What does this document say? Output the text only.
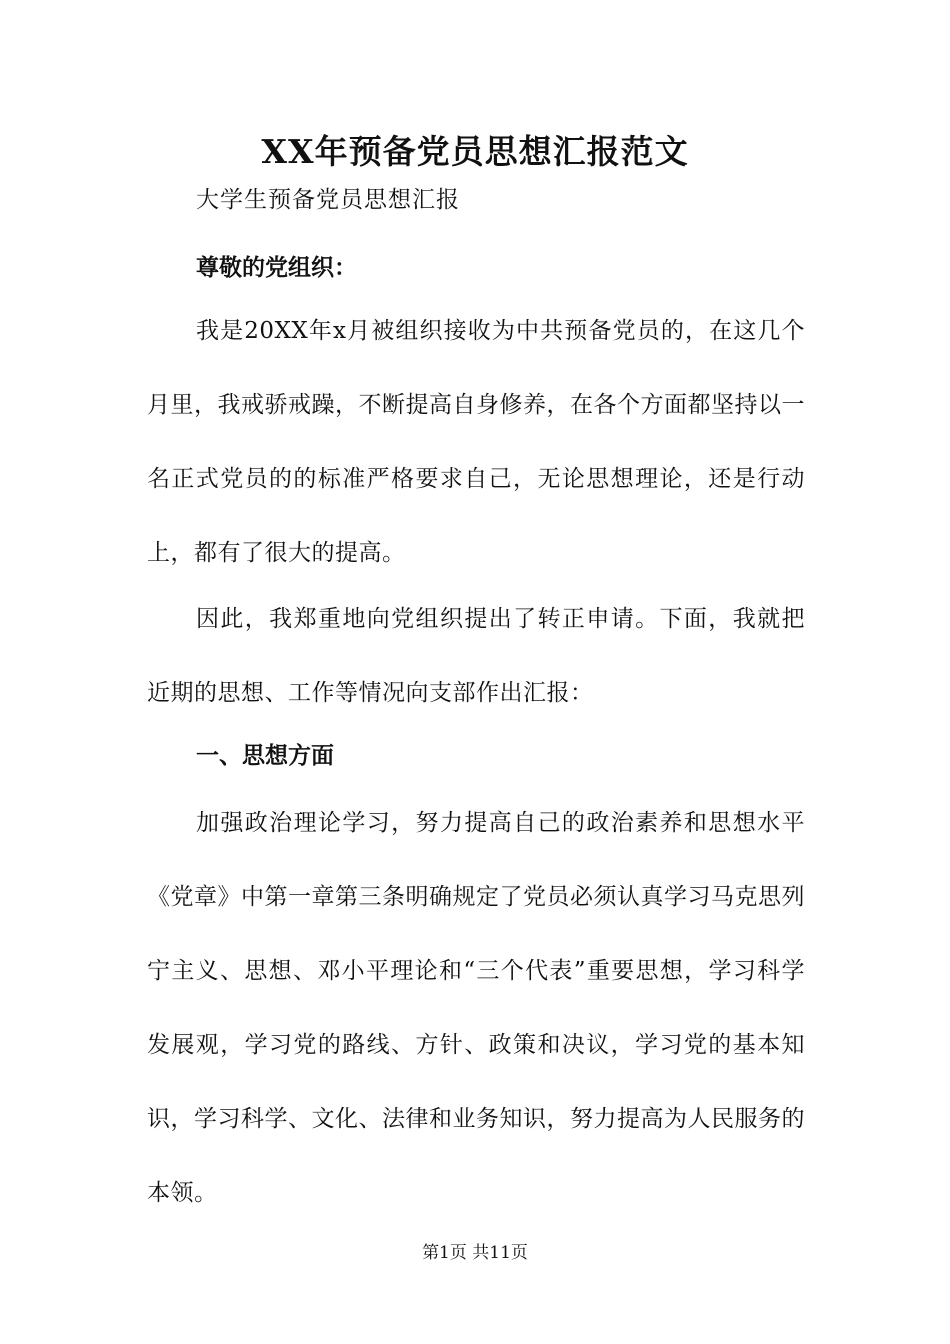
XX年预备党员思想汇报范文
大学生预备党员思想汇报
尊敬的党组织：

我是20XX年x月被组织接收为中共预备党员的，在这几个月里，我戒骄戒躁，不断提高自身修养，在各个方面都坚持以一名正式党员的的标准严格要求自己，无论思想理论，还是行动上，都有了很大的提高。

因此，我郑重地向党组织提出了转正申请。下面，我就把近期的思想、工作等情况向支部作出汇报：

一、思想方面

加强政治理论学习，努力提高自己的政治素养和思想水平《党章》中第一章第三条明确规定了党员必须认真学习马克思列宁主义、思想、邓小平理论和“三个代表”重要思想，学习科学发展观，学习党的路线、方针、政策和决议，学习党的基本知识，学习科学、文化、法律和业务知识，努力提高为人民服务的本领。

第1页 共11页
